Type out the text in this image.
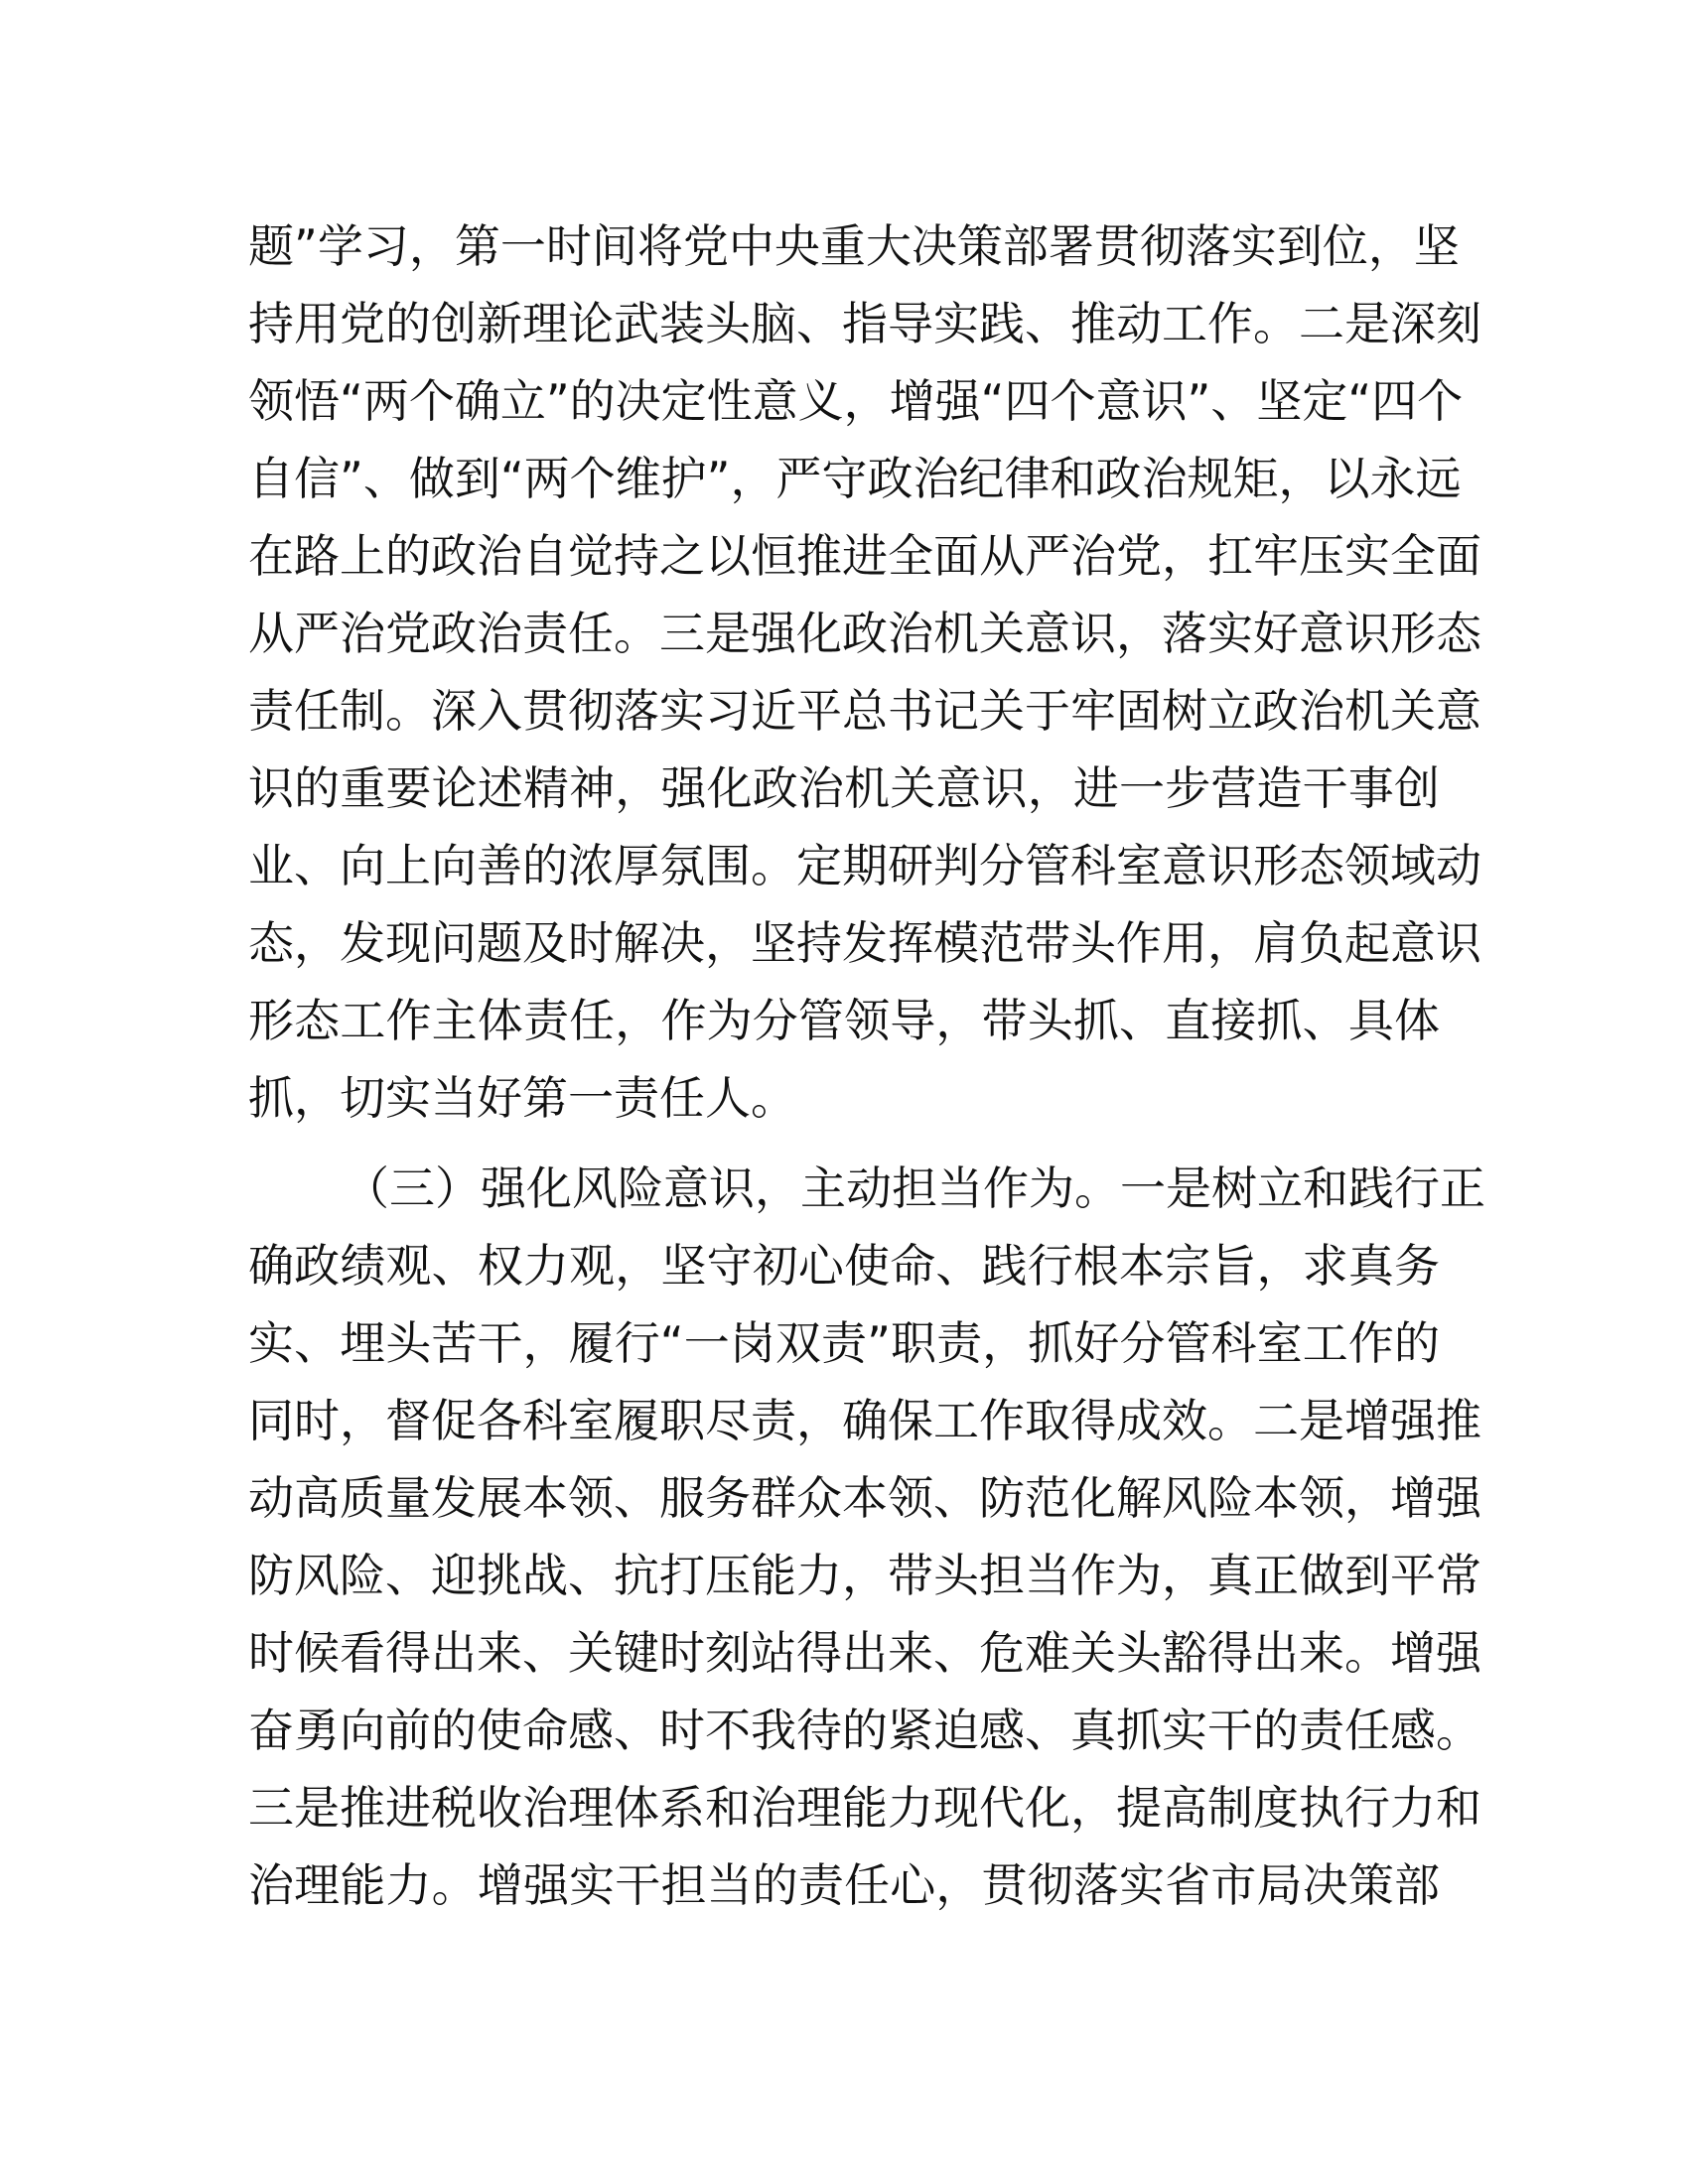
题”学习，第一时间将党中央重大决策部署贯彻落实到位，坚
持用党的创新理论武装头脑、指导实践、推动工作。二是深刻
领悟“两个确立”的决定性意义，增强“四个意识”、坚定“四个
自信”、做到“两个维护”，严守政治纪律和政治规矩，以永远
在路上的政治自觉持之以恒推进全面从严治党，扛牢压实全面
从严治党政治责任。三是强化政治机关意识，落实好意识形态
责任制。深入贯彻落实习近平总书记关于牢固树立政治机关意
识的重要论述精神，强化政治机关意识，进一步营造干事创
业、向上向善的浓厚氛围。定期研判分管科室意识形态领域动
态，发现问题及时解决，坚持发挥模范带头作用，肩负起意识
形态工作主体责任，作为分管领导，带头抓、直接抓、具体
抓，切实当好第一责任人。
（三）强化风险意识，主动担当作为。一是树立和践行正
确政绩观、权力观，坚守初心使命、践行根本宗旨，求真务
实、埋头苦干，履行“一岗双责”职责，抓好分管科室工作的
同时，督促各科室履职尽责，确保工作取得成效。二是增强推
动高质量发展本领、服务群众本领、防范化解风险本领，增强
防风险、迎挑战、抗打压能力，带头担当作为，真正做到平常
时候看得出来、关键时刻站得出来、危难关头豁得出来。增强
奋勇向前的使命感、时不我待的紧迫感、真抓实干的责任感。
三是推进税收治理体系和治理能力现代化，提高制度执行力和
治理能力。增强实干担当的责任心，贯彻落实省市局决策部
